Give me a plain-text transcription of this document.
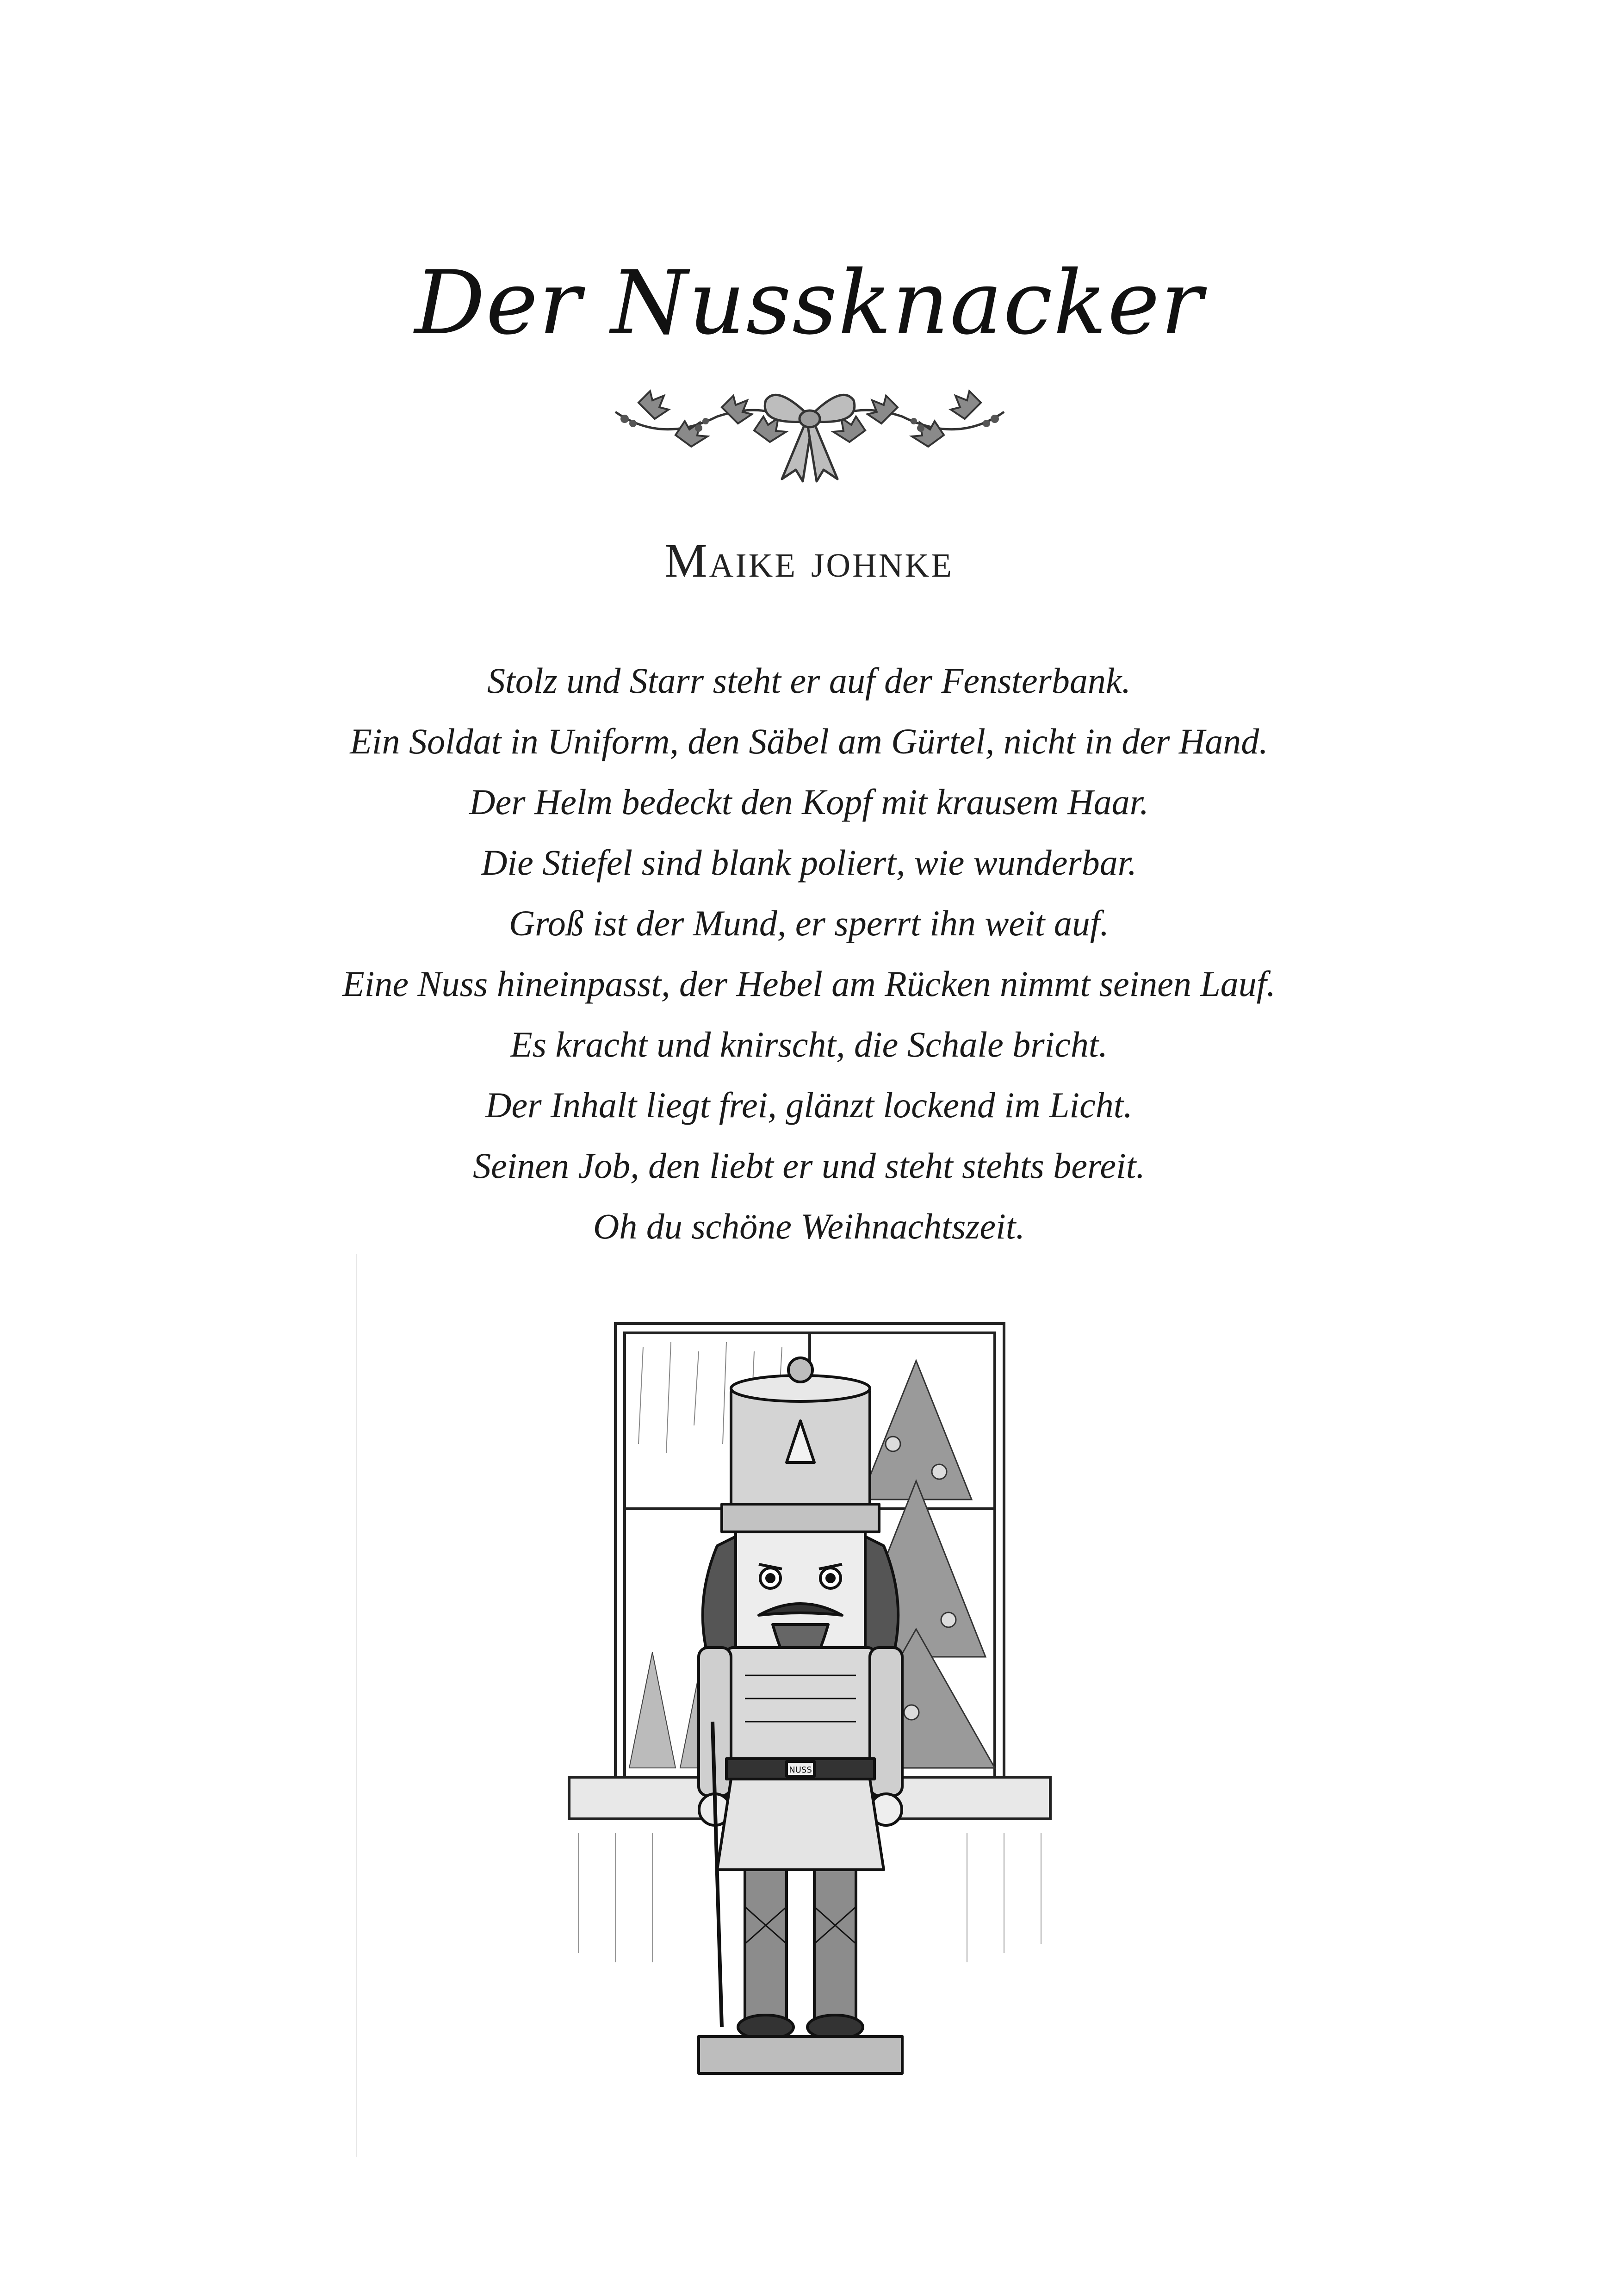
Der Nussknacker
Maike johnke
Stolz und Starr steht er auf der Fensterbank.
Ein Soldat in Uniform, den Säbel am Gürtel, nicht in der Hand.
Der Helm bedeckt den Kopf mit krausem Haar.
Die Stiefel sind blank poliert, wie wunderbar.
Groß ist der Mund, er sperrt ihn weit auf.
Eine Nuss hineinpasst, der Hebel am Rücken nimmt seinen Lauf.
Es kracht und knirscht, die Schale bricht.
Der Inhalt liegt frei, glänzt lockend im Licht.
Seinen Job, den liebt er und steht stehts bereit.
Oh du schöne Weihnachtszeit.
NUSS
